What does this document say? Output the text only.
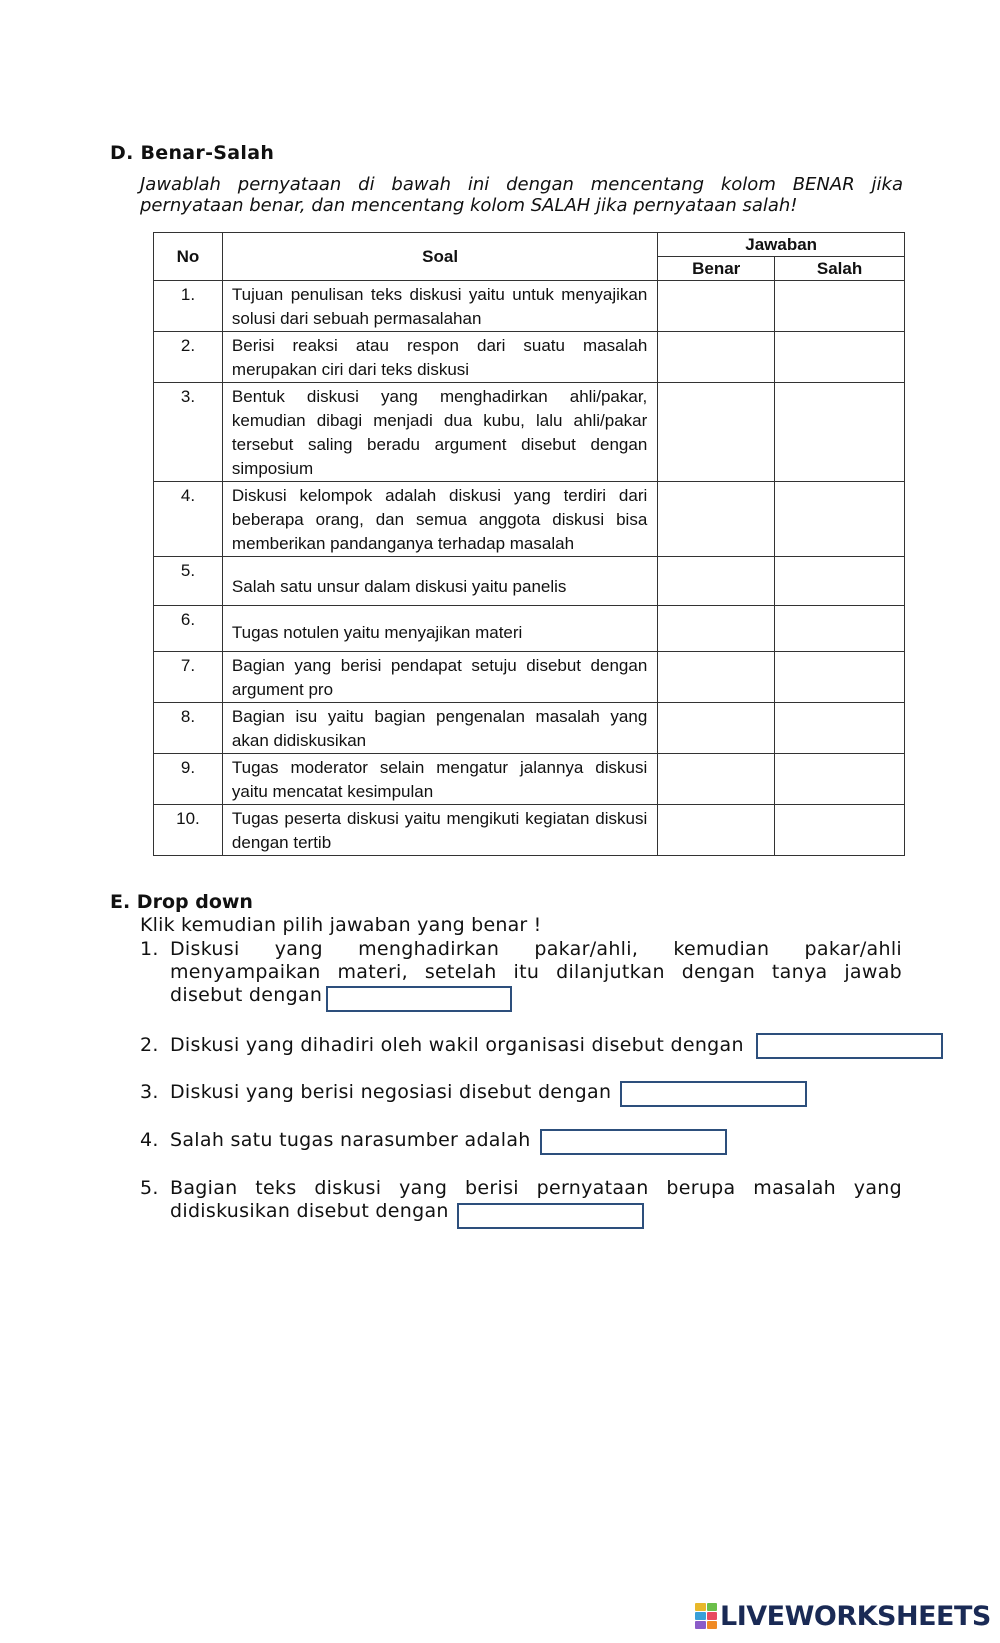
D. Benar-Salah
Jawablah pernyataan di bawah ini dengan mencentang kolom BENAR jika pernyataan benar, dan mencentang kolom SALAH jika pernyataan salah!
No	Soal	Jawaban	
		Benar	Salah
1.	Tujuan penulisan teks diskusi yaitu untuk menyajikan solusi dari sebuah permasalahan		
2.	Berisi reaksi atau respon dari suatu masalah merupakan ciri dari teks diskusi		
3.	Bentuk diskusi yang menghadirkan ahli/pakar, kemudian dibagi menjadi dua kubu, lalu ahli/pakar tersebut saling beradu argument disebut dengan simposium		
4.	Diskusi kelompok adalah diskusi yang terdiri dari beberapa orang, dan semua anggota diskusi bisa memberikan pandanganya terhadap masalah		
5.	Salah satu unsur dalam diskusi yaitu panelis		
6.	Tugas notulen yaitu menyajikan materi		
7.	Bagian yang berisi pendapat setuju disebut dengan argument pro		
8.	Bagian isu yaitu bagian pengenalan masalah yang akan didiskusikan		
9.	Tugas moderator selain mengatur jalannya diskusi yaitu mencatat kesimpulan		
10.	Tugas peserta diskusi yaitu mengikuti kegiatan diskusi dengan tertib		
E. Drop down
Klik kemudian pilih jawaban yang benar !
1. Diskusi yang menghadirkan pakar/ahli, kemudian pakar/ahli menyampaikan materi, setelah itu dilanjutkan dengan tanya jawab disebut dengan
2. Diskusi yang dihadiri oleh wakil organisasi disebut dengan
3. Diskusi yang berisi negosiasi disebut dengan
4. Salah satu tugas narasumber adalah
5. Bagian teks diskusi yang berisi pernyataan berupa masalah yang didiskusikan disebut dengan
LIVEWORKSHEETS
